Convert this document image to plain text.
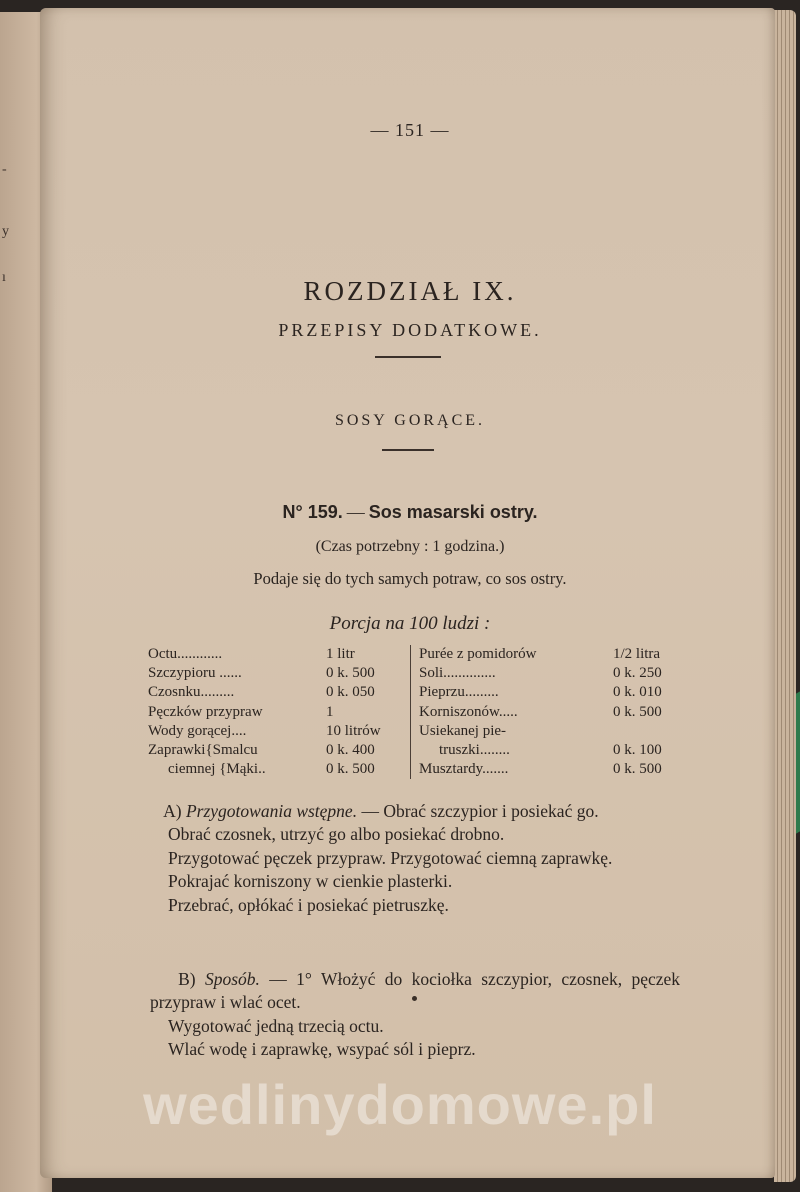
-
y
ı
— 151 —
ROZDZIAŁ IX.
PRZEPISY DODATKOWE.
SOSY GORĄCE.
N° 159. — Sos masarski ostry.
(Czas potrzebny : 1 godzina.)
Podaje się do tych samych potraw, co sos ostry.
Porcja na 100 ludzi :
Octu............	1 litr
Szczypioru ......	0 k. 500
Czosnku.........	0 k. 050
Pęczków przypraw	1
Wody gorącej....	10 litrów
Zaprawki{Smalcu	0 k. 400
ciemnej {Mąki..	0 k. 500
Purée z pomidorów	1/2 litra
Soli..............	0 k. 250
Pieprzu.........	0 k. 010
Korniszonów.....	0 k. 500
Usiekanej pie-
truszki........	0 k. 100
Musztardy.......	0 k. 500

A) Przygotowania wstępne. — Obrać szczypior i posiekać go.

Obrać czosnek, utrzyć go albo posiekać drobno.

Przygotować pęczek przypraw. Przygotować ciemną zaprawkę.

Pokrajać korniszony w cienkie plasterki.

Przebrać, opłókać i posiekać pietruszkę.

B) Sposób. — 1° Włożyć do kociołka szczypior, czosnek, pęczek przypraw i wlać ocet.

Wygotować jedną trzecią octu.

Wlać wodę i zaprawkę, wsypać sól i pieprz.

wedlinydomowe.pl
